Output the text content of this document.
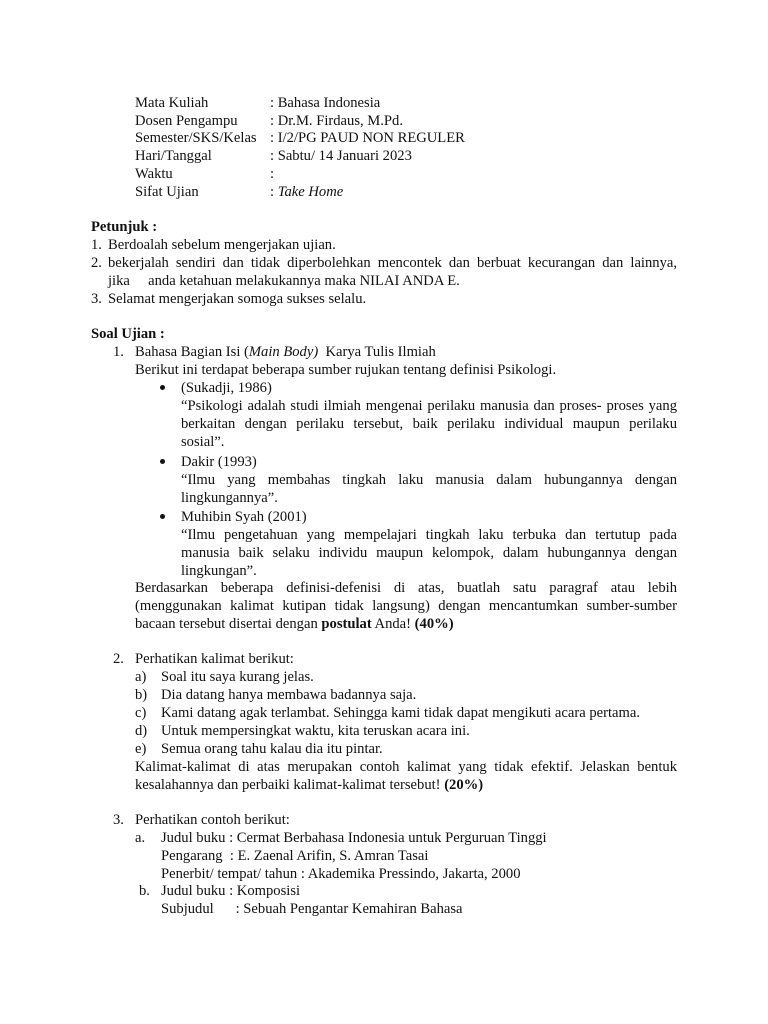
Mata Kuliah	: Bahasa Indonesia
Dosen Pengampu : Dr.M. Firdaus, M.Pd.
Semester/SKS/Kelas : I/2/PG PAUD NON REGULER
Hari/Tanggal	: Sabtu/ 14 Januari 2023
Waktu	:
Sifat Ujian	: Take Home
Petunjuk :
1. Berdoalah sebelum mengerjakan ujian.
2. bekerjalah sendiri dan tidak diperbolehkan mencontek dan berbuat kecurangan dan lainnya,
jika     anda ketahuan melakukannya maka NILAI ANDA E.
3. Selamat mengerjakan somoga sukses selalu.
Soal Ujian :
1. Bahasa Bagian Isi (Main Body)  Karya Tulis Ilmiah
Berikut ini terdapat beberapa sumber rujukan tentang definisi Psikologi.
(Sukadji, 1986)
“Psikologi adalah studi ilmiah mengenai perilaku manusia dan proses- proses yang berkaitan dengan perilaku tersebut, baik perilaku individual maupun perilaku sosial”.
Dakir (1993)
“Ilmu yang membahas tingkah laku manusia dalam hubungannya dengan lingkungannya”.
Muhibin Syah (2001)
“Ilmu pengetahuan yang mempelajari tingkah laku terbuka dan tertutup pada manusia baik selaku individu maupun kelompok, dalam hubungannya dengan lingkungan”.
Berdasarkan beberapa definisi-defenisi di atas, buatlah satu paragraf atau lebih (menggunakan kalimat kutipan tidak langsung) dengan mencantumkan sumber-sumber bacaan tersebut disertai dengan postulat Anda! (40%)
2. Perhatikan kalimat berikut:
a) Soal itu saya kurang jelas.
b) Dia datang hanya membawa badannya saja.
c) Kami datang agak terlambat. Sehingga kami tidak dapat mengikuti acara pertama.
d) Untuk mempersingkat waktu, kita teruskan acara ini.
e) Semua orang tahu kalau dia itu pintar.
Kalimat-kalimat di atas merupakan contoh kalimat yang tidak efektif. Jelaskan bentuk kesalahannya dan perbaiki kalimat-kalimat tersebut! (20%)
3. Perhatikan contoh berikut:
a. Judul buku : Cermat Berbahasa Indonesia untuk Perguruan Tinggi
Pengarang  : E. Zaenal Arifin, S. Amran Tasai
Penerbit/ tempat/ tahun : Akademika Pressindo, Jakarta, 2000
b. Judul buku : Komposisi
Subjudul      : Sebuah Pengantar Kemahiran Bahasa
